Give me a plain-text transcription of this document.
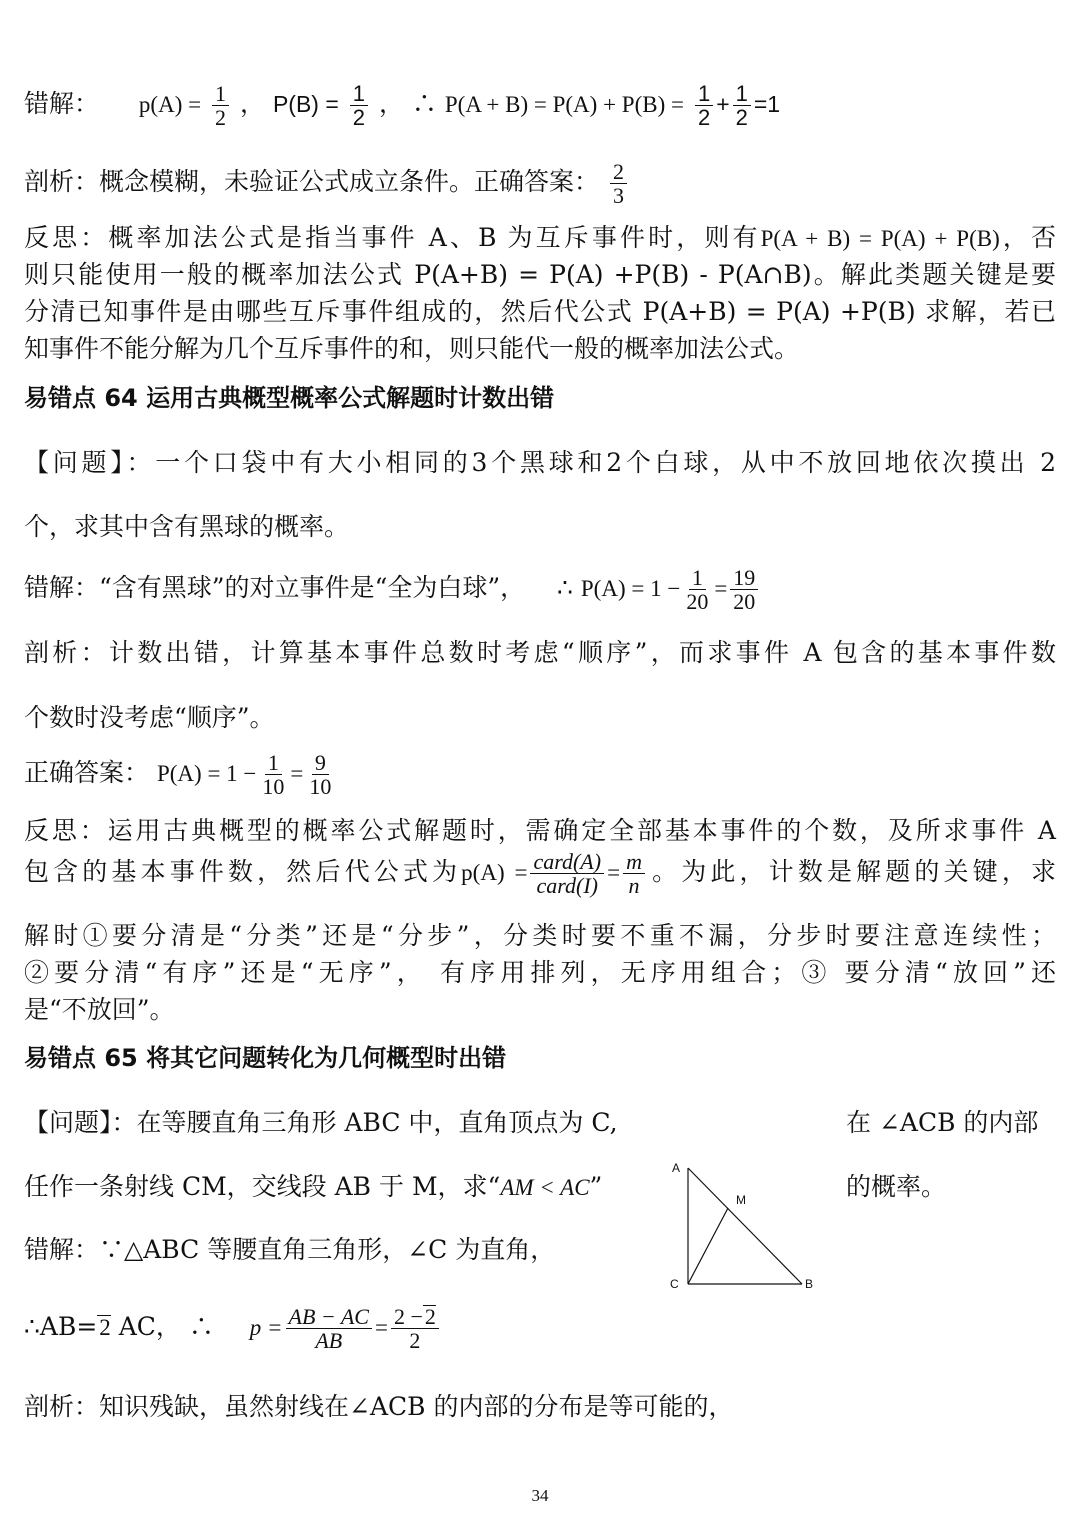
错解： $p(A) = \frac{1}{2}$ ， $P(B) = \frac{1}{2}$ ， ∴ $P(A + B) = P(A) + P(B) = \frac{1}{2} + \frac{1}{2} =1$
剖析：概念模糊，未验证公式成立条件。正确答案： $\frac{2}{3}$
反思：概率加法公式是指当事件 A、B 为互斥事件时，则有P(A + B) = P(A) + P(B)，否
则只能使用一般的概率加法公式 P(A+B) = P(A) +P(B) - P(A∩B)。解此类题关键是要
分清已知事件是由哪些互斥事件组成的，然后代公式 P(A+B) = P(A) +P(B) 求解，若已
知事件不能分解为几个互斥事件的和，则只能代一般的概率加法公式。
易错点 64 运用古典概型概率公式解题时计数出错
【问题】：一个口袋中有大小相同的3个黑球和2个白球，从中不放回地依次摸出 2
个，求其中含有黑球的概率。
错解：“含有黑球”的对立事件是“全为白球”， ∴ $P(A) = 1 - \frac{1}{20} = \frac{19}{20}$
剖析：计数出错，计算基本事件总数时考虑“顺序”，而求事件 A 包含的基本事件数
个数时没考虑“顺序”。
正确答案： $P(A) = 1 - \frac{1}{10} = \frac{9}{10}$
反思：运用古典概型的概率公式解题时，需确定全部基本事件的个数，及所求事件 A
包含的基本事件数，然后代公式为$p(A) = \frac{\text{card(A)}}{\text{card(I)}} = \frac{m}{n}$ 。为此，计数是解题的关键，求
解时①要分清是“分类”还是“分步”，分类时要不重不漏，分步时要注意连续性；
②要分清“有序”还是“无序”， 有序用排列，无序用组合；③ 要分清“放回”还
是“不放回”。
易错点 65 将其它问题转化为几何概型时出错
【问题】：在等腰直角三角形 ABC 中，直角顶点为 C,	在 ∠ACB 的内部
任作一条射线 CM，交线段 AB 于 M，求“AM < AC”	的概率。
A
M
C	B
错解：∵△ABC 等腰直角三角形，∠C 为直角，
∴AB=2 AC， ∴ $p = \frac{AB - AC}{AB} = \frac{2 -2}{2}$
剖析：知识残缺，虽然射线在∠ACB 的内部的分布是等可能的，
34
